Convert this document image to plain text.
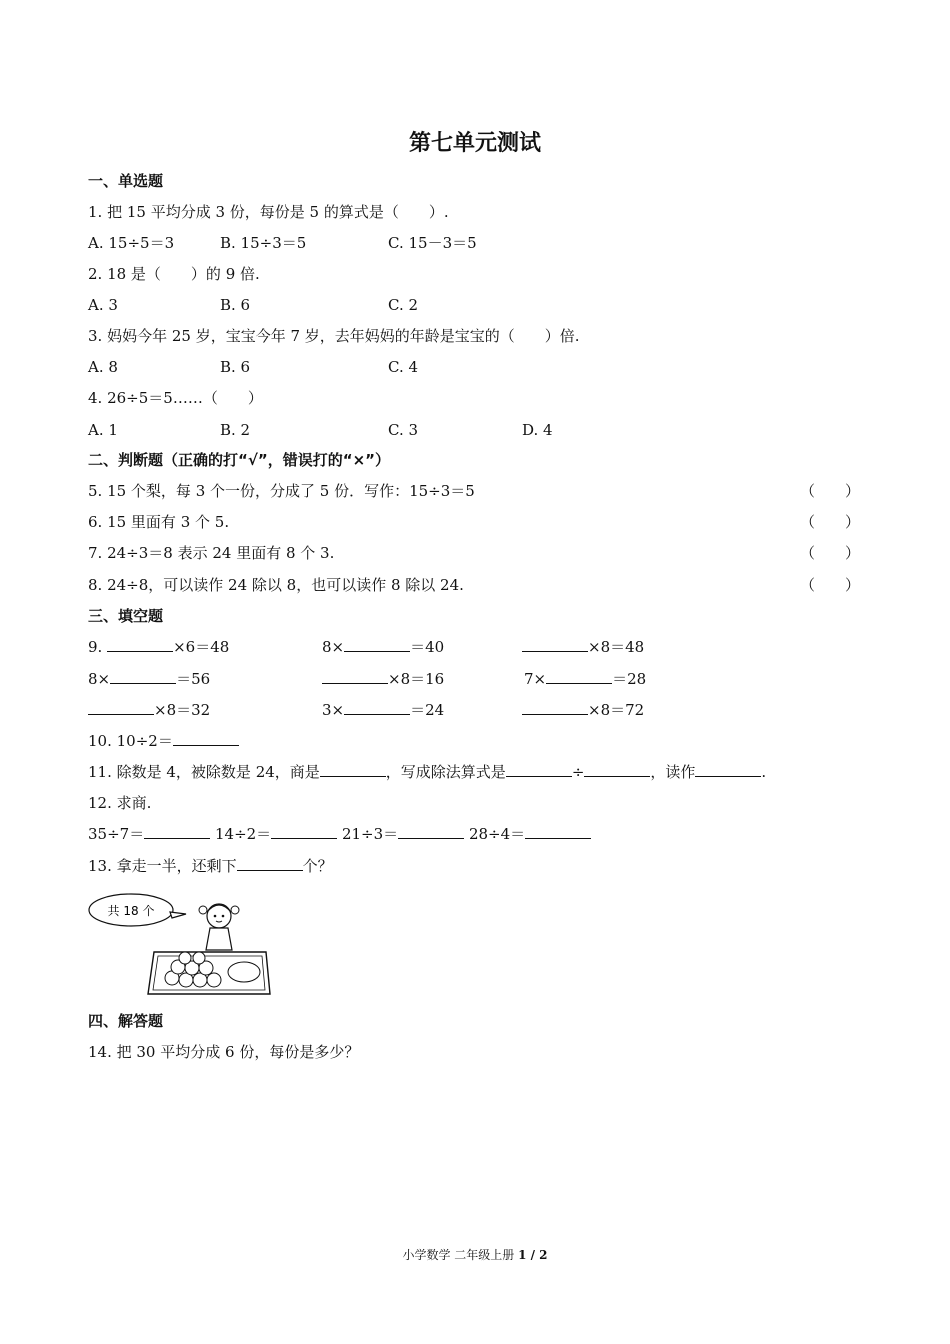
第七单元测试
一、单选题
1. 把 15 平均分成 3 份，每份是 5 的算式是（　　）.
A. 15÷5＝3	B. 15÷3＝5	C. 15－3＝5
2. 18 是（　　）的 9 倍.
A. 3	B. 6	C. 2
3. 妈妈今年 25 岁，宝宝今年 7 岁，去年妈妈的年龄是宝宝的（　　）倍.
A. 8	B. 6	C. 4
4. 26÷5＝5……（　　）
A. 1	B. 2	C. 3	D. 4
二、判断题（正确的打“√”，错误打的“×”）
5. 15 个梨，每 3 个一份，分成了 5 份．写作：15÷3＝5	（　　）
6. 15 里面有 3 个 5.	（　　）
7. 24÷3＝8 表示 24 里面有 8 个 3.	（　　）
8. 24÷8，可以读作 24 除以 8，也可以读作 8 除以 24.	（　　）
三、填空题
9.	×6＝48	8×	＝40	×8＝48
8×	＝56	×8＝16	7×	＝28
×8＝32	3×	＝24	×8＝72
10. 10÷2＝
11. 除数是 4，被除数是 24，商是	，写成除法算式是	÷	，读作	.
12. 求商.
35÷7＝	14÷2＝	21÷3＝	28÷4＝
13. 拿走一半，还剩下	个？
共 18 个
四、解答题
14. 把 30 平均分成 6 份，每份是多少？
小学数学 二年级上册 1 / 2
